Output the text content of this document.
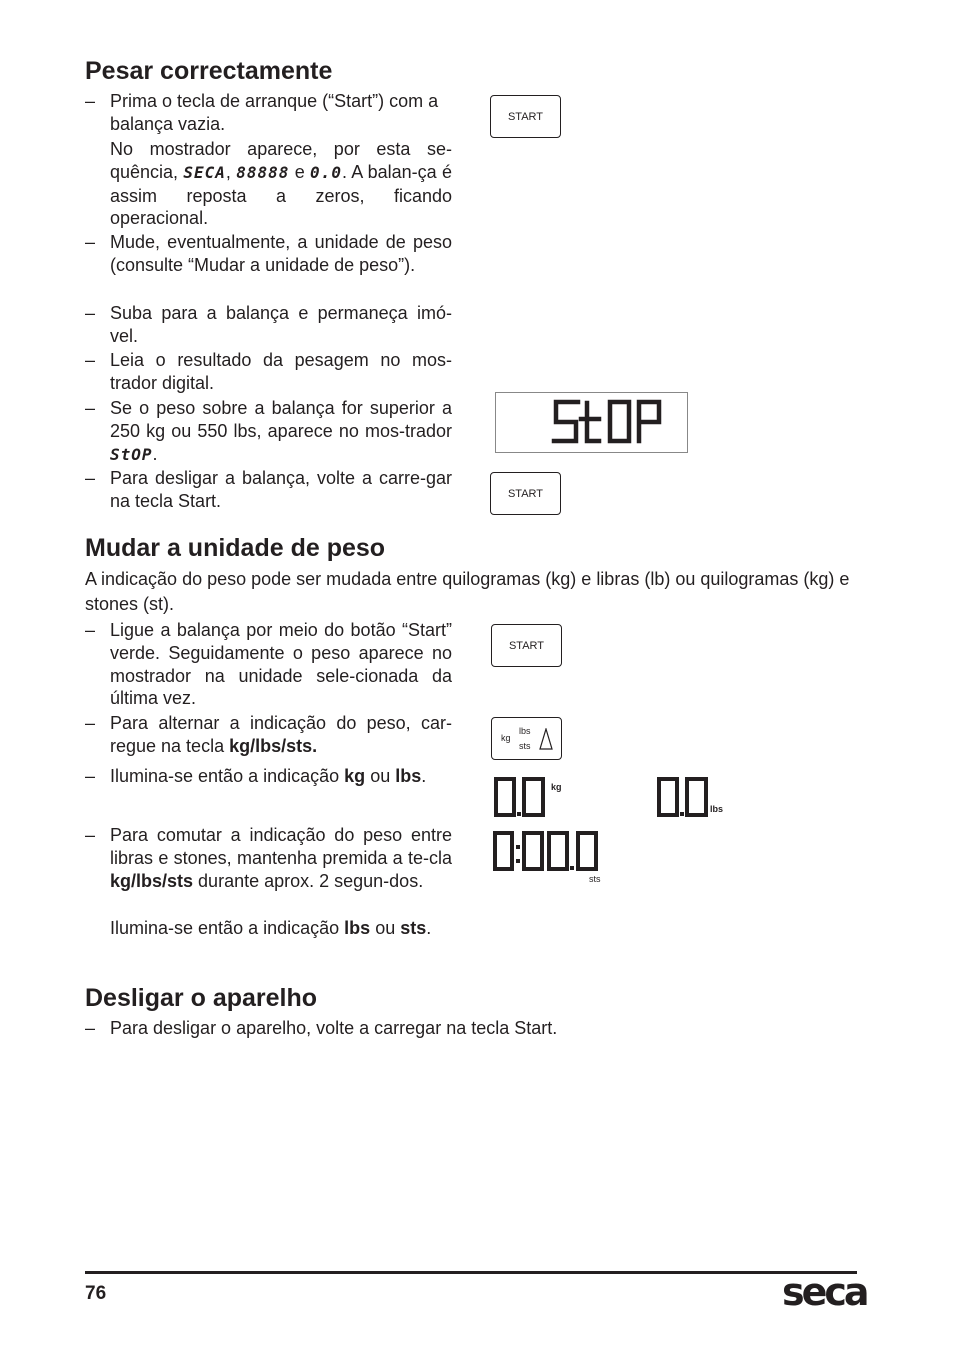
Pesar correctamente
– Prima o tecla de arranque (“Start”) com a balança vazia.
No mostrador aparece, por esta se-quência, SECA, 88888 e 0.0. A balan-ça é assim reposta a zeros, ficando operacional.
– Mude, eventualmente, a unidade de peso (consulte “Mudar a unidade de peso”).
– Suba para a balança e permaneça imó-vel.
– Leia o resultado da pesagem no mos-trador digital.
– Se o peso sobre a balança for superior a 250 kg ou 550 lbs, aparece no mos-trador StOP.
– Para desligar a balança, volte a carre-gar na tecla Start.
START
START
Mudar a unidade de peso
A indicação do peso pode ser mudada entre quilogramas (kg) e libras (lb) ou quilogramas (kg) e stones (st).
– Ligue a balança por meio do botão “Start” verde. Seguidamente o peso aparece no mostrador na unidade sele-cionada da última vez.
– Para alternar a indicação do peso, car-regue na tecla kg/lbs/sts.
– Ilumina-se então a indicação kg ou lbs.
– Para comutar a indicação do peso entre libras e stones, mantenha premida a te-cla kg/lbs/sts durante aprox. 2 segun-dos.
Ilumina-se então a indicação lbs ou sts.
START
kg
lbs
sts
kg
lbs
sts
Desligar o aparelho
– Para desligar o aparelho, volte a carregar na tecla Start.
76	seca
